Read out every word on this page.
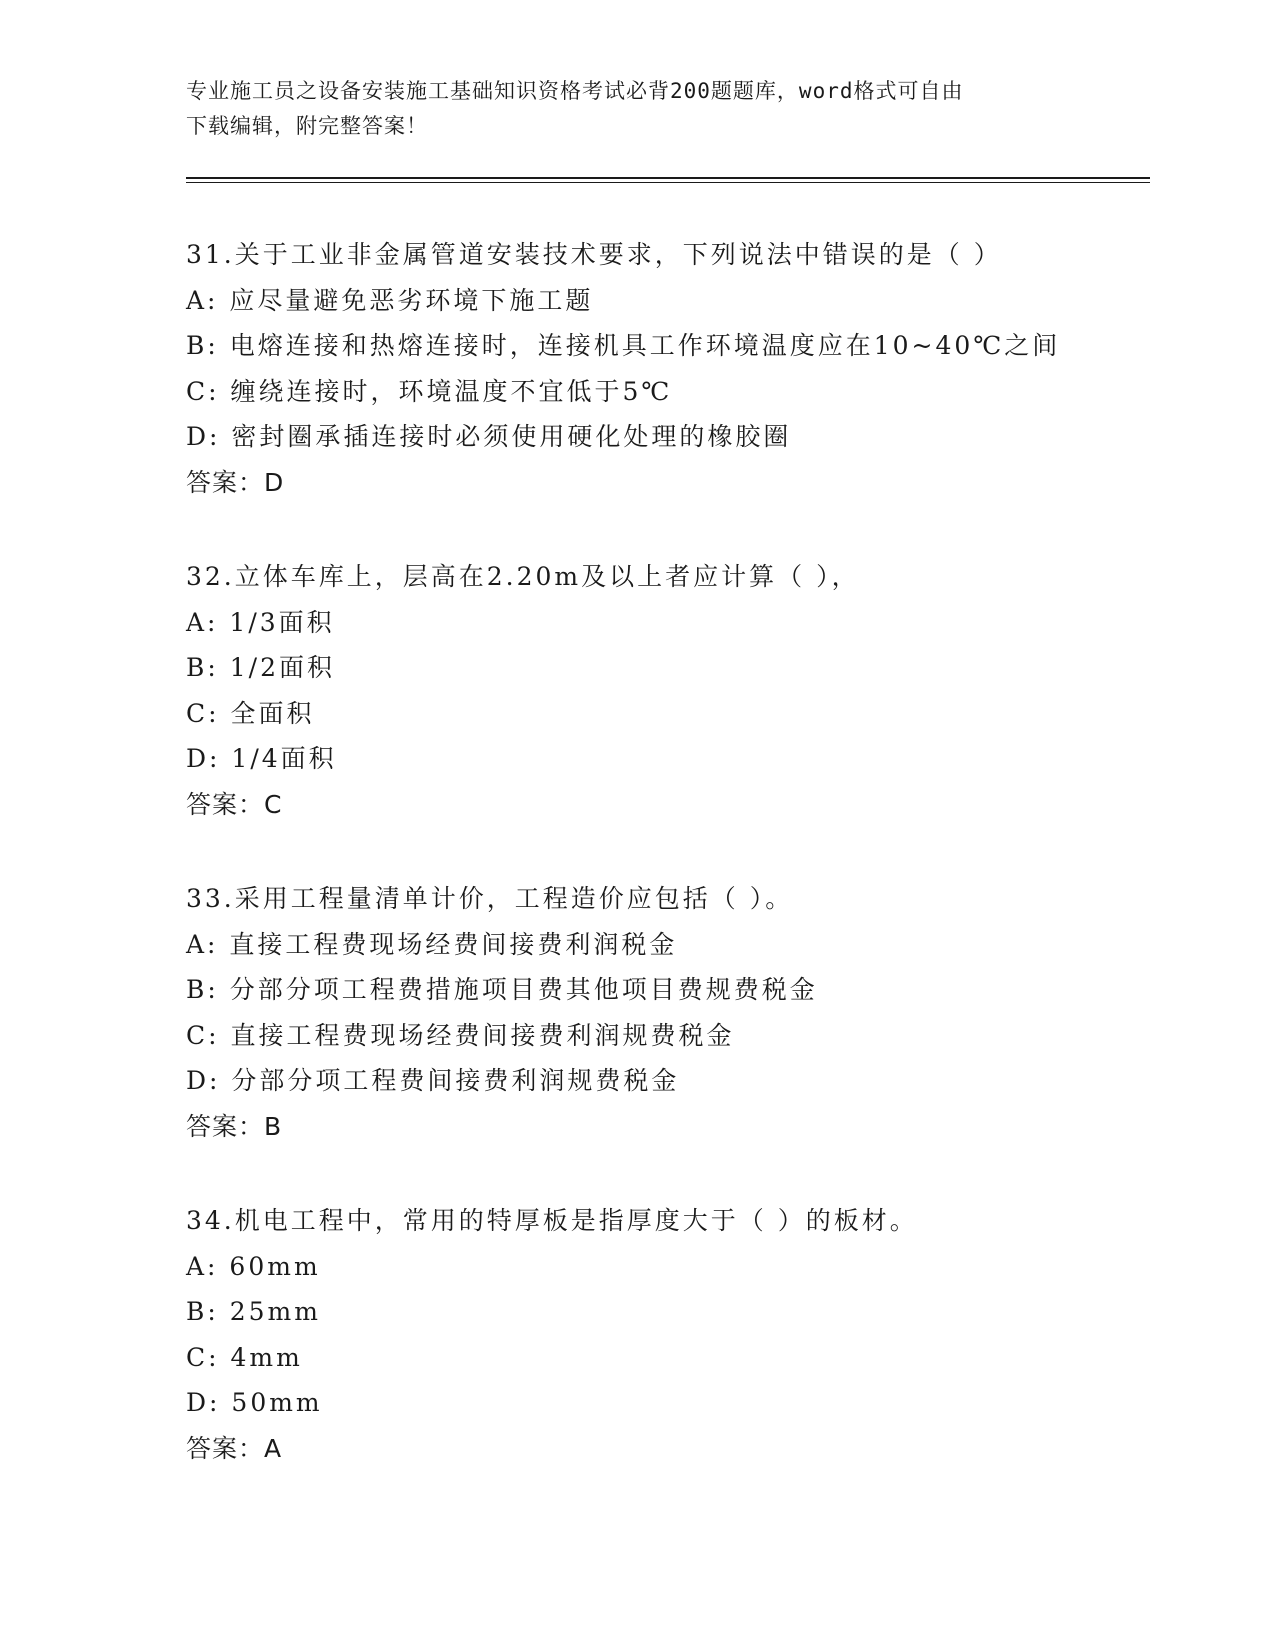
专业施工员之设备安装施工基础知识资格考试必背200题题库，word格式可自由
下载编辑，附完整答案！
31.关于工业非金属管道安装技术要求，下列说法中错误的是（ ）
A: 应尽量避免恶劣环境下施工题
B: 电熔连接和热熔连接时，连接机具工作环境温度应在10~40℃之间
C: 缠绕连接时，环境温度不宜低于5℃
D: 密封圈承插连接时必须使用硬化处理的橡胶圈
答案：D
32.立体车库上，层高在2.20m及以上者应计算（ ），
A: 1/3面积
B: 1/2面积
C: 全面积
D: 1/4面积
答案：C
33.采用工程量清单计价，工程造价应包括（ ）。
A: 直接工程费现场经费间接费利润税金
B: 分部分项工程费措施项目费其他项目费规费税金
C: 直接工程费现场经费间接费利润规费税金
D: 分部分项工程费间接费利润规费税金
答案：B
34.机电工程中，常用的特厚板是指厚度大于（ ）的板材。
A: 60mm
B: 25mm
C: 4mm
D: 50mm
答案：A
